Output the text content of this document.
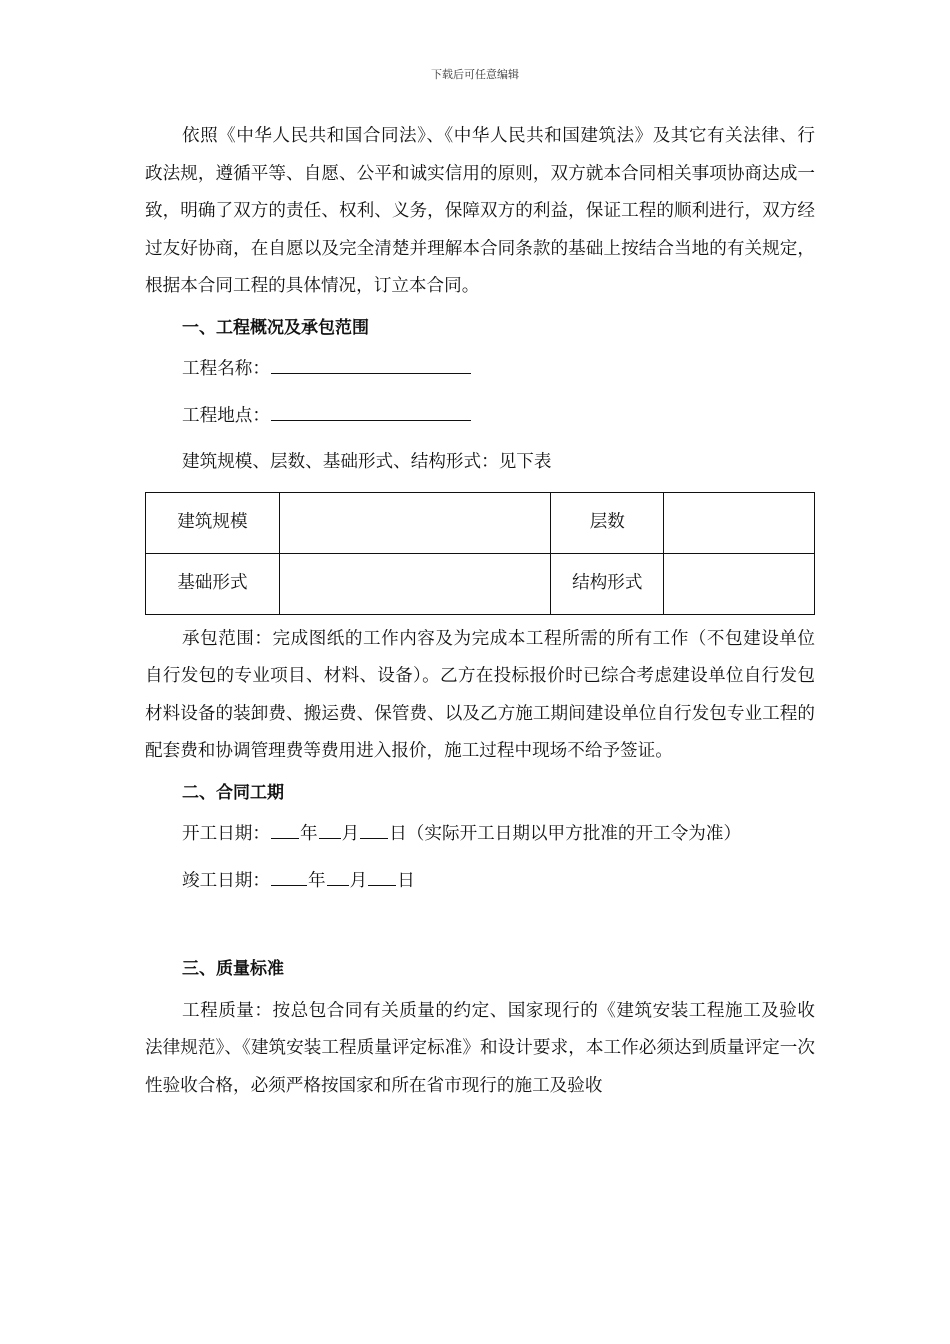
下载后可任意编辑

依照《中华人民共和国合同法》、《中华人民共和国建筑法》及其它有关法律、行政法规，遵循平等、自愿、公平和诚实信用的原则，双方就本合同相关事项协商达成一致，明确了双方的责任、权利、义务，保障双方的利益，保证工程的顺利进行，双方经过友好协商，在自愿以及完全清楚并理解本合同条款的基础上按结合当地的有关规定，根据本合同工程的具体情况，订立本合同。

一、工程概况及承包范围
工程名称：
工程地点：
建筑规模、层数、基础形式、结构形式：见下表
建筑规模		层数	
基础形式		结构形式	

承包范围：完成图纸的工作内容及为完成本工程所需的所有工作（不包建设单位自行发包的专业项目、材料、设备）。乙方在投标报价时已综合考虑建设单位自行发包材料设备的装卸费、搬运费、保管费、以及乙方施工期间建设单位自行发包专业工程的配套费和协调管理费等费用进入报价，施工过程中现场不给予签证。

二、合同工期
开工日期： 年 月 日（实际开工日期以甲方批准的开工令为准）
竣工日期： 年 月 日
三、质量标准

工程质量：按总包合同有关质量的约定、国家现行的《建筑安装工程施工及验收法律规范》、《建筑安装工程质量评定标准》和设计要求，本工作必须达到质量评定一次性验收合格，必须严格按国家和所在省市现行的施工及验收
